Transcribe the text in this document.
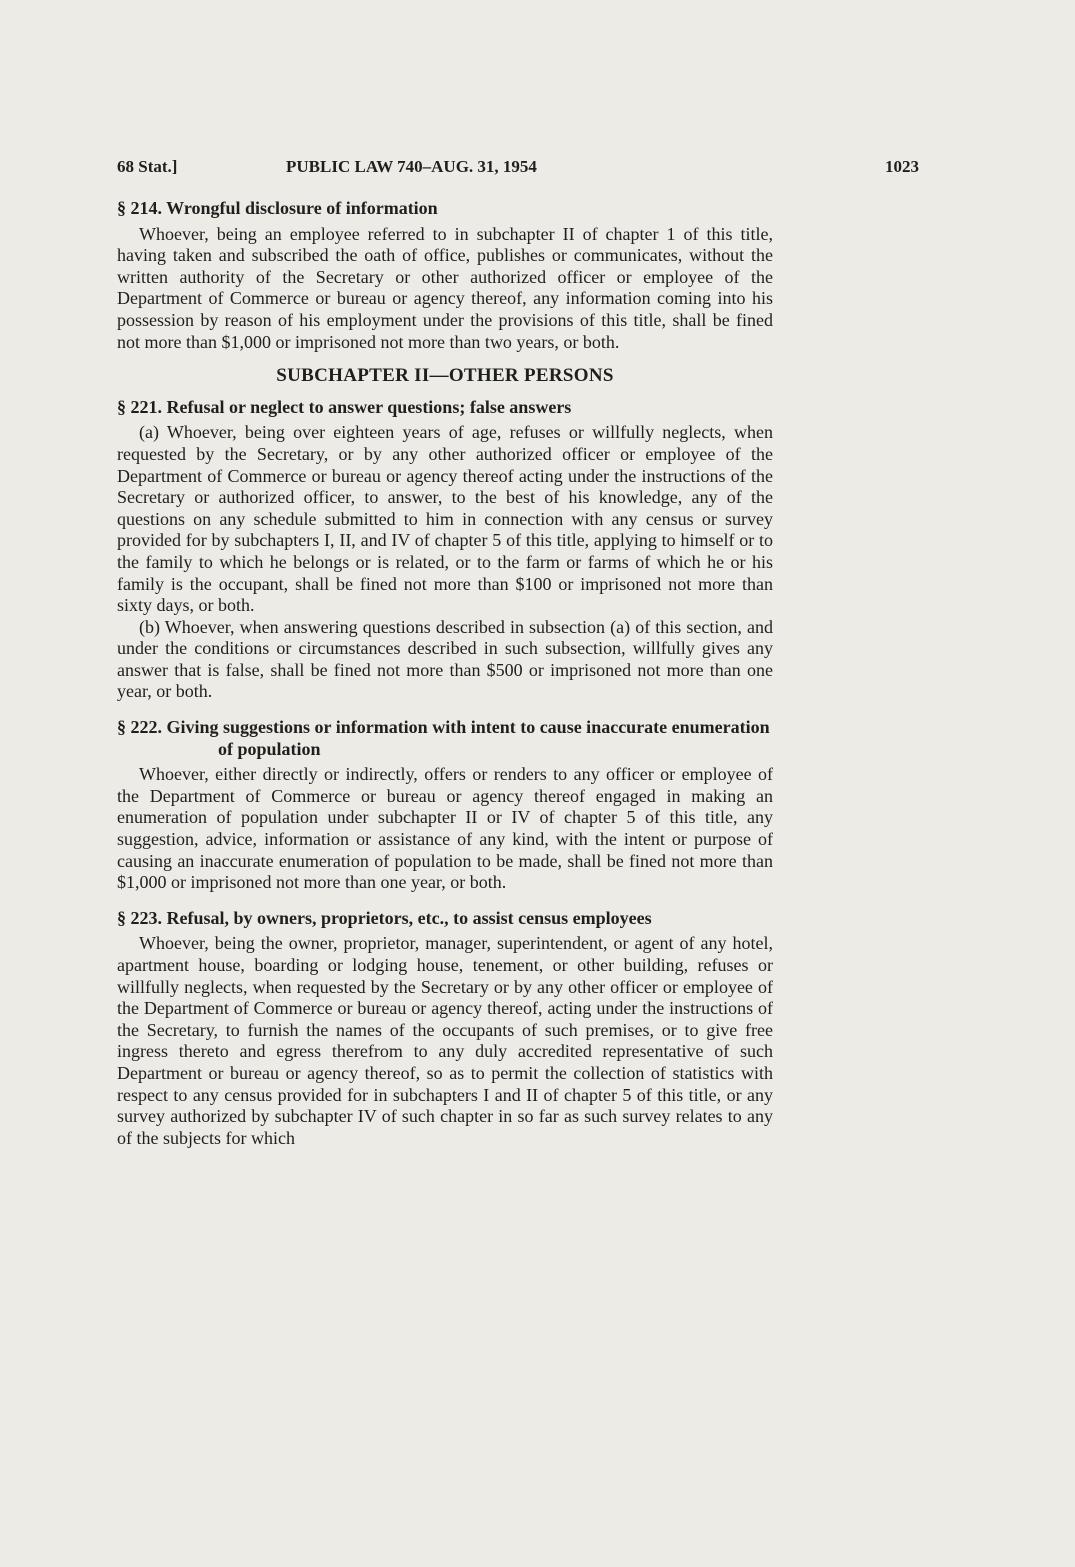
68 Stat.]	PUBLIC LAW 740–AUG. 31, 1954	1023
§ 214. Wrongful disclosure of information

Whoever, being an employee referred to in subchapter II of chapter 1 of this title, having taken and subscribed the oath of office, publishes or communicates, without the written authority of the Secretary or other authorized officer or employee of the Department of Commerce or bureau or agency thereof, any information coming into his possession by reason of his employment under the provisions of this title, shall be fined not more than $1,000 or imprisoned not more than two years, or both.

SUBCHAPTER II—OTHER PERSONS
§ 221. Refusal or neglect to answer questions; false answers

(a) Whoever, being over eighteen years of age, refuses or willfully neglects, when requested by the Secretary, or by any other authorized officer or employee of the Department of Commerce or bureau or agency thereof acting under the instructions of the Secretary or authorized officer, to answer, to the best of his knowledge, any of the questions on any schedule submitted to him in connection with any census or survey provided for by subchapters I, II, and IV of chapter 5 of this title, applying to himself or to the family to which he belongs or is related, or to the farm or farms of which he or his family is the occupant, shall be fined not more than $100 or imprisoned not more than sixty days, or both.

(b) Whoever, when answering questions described in subsection (a) of this section, and under the conditions or circumstances described in such subsection, willfully gives any answer that is false, shall be fined not more than $500 or imprisoned not more than one year, or both.

§ 222. Giving suggestions or information with intent to cause inaccurate enumeration of population

Whoever, either directly or indirectly, offers or renders to any officer or employee of the Department of Commerce or bureau or agency thereof engaged in making an enumeration of population under subchapter II or IV of chapter 5 of this title, any suggestion, advice, information or assistance of any kind, with the intent or purpose of causing an inaccurate enumeration of population to be made, shall be fined not more than $1,000 or imprisoned not more than one year, or both.

§ 223. Refusal, by owners, proprietors, etc., to assist census employees

Whoever, being the owner, proprietor, manager, superintendent, or agent of any hotel, apartment house, boarding or lodging house, tenement, or other building, refuses or willfully neglects, when requested by the Secretary or by any other officer or employee of the Department of Commerce or bureau or agency thereof, acting under the instructions of the Secretary, to furnish the names of the occupants of such premises, or to give free ingress thereto and egress therefrom to any duly accredited representative of such Department or bureau or agency thereof, so as to permit the collection of statistics with respect to any census provided for in subchapters I and II of chapter 5 of this title, or any survey authorized by subchapter IV of such chapter in so far as such survey relates to any of the subjects for which
